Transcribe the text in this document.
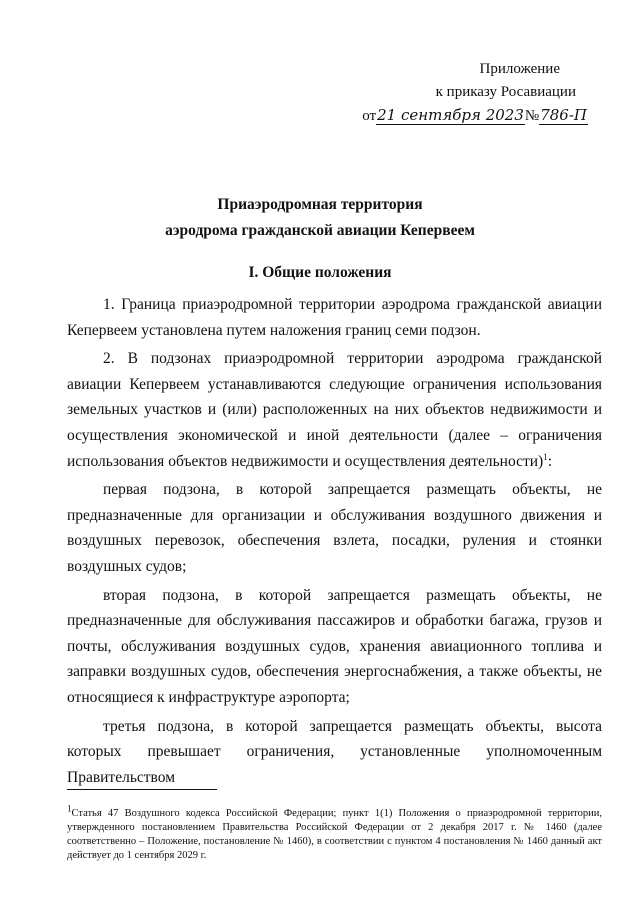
Приложение
к приказу Росавиации
от21 сентября 2023№786-П
Приаэродромная территория
аэродрома гражданской авиации Кепервеем
I. Общие положения

1. Граница приаэродромной территории аэродрома гражданской авиации Кепервеем установлена путем наложения границ семи подзон.

2. В подзонах приаэродромной территории аэродрома гражданской авиации Кепервеем устанавливаются следующие ограничения использования земельных участков и (или) расположенных на них объектов недвижимости и осуществления экономической и иной деятельности (далее – ограничения использования объектов недвижимости и осуществления деятельности)$^1$:

первая подзона, в которой запрещается размещать объекты, не предназначенные для организации и обслуживания воздушного движения и воздушных перевозок, обеспечения взлета, посадки, руления и стоянки воздушных судов;

вторая подзона, в которой запрещается размещать объекты, не предназначенные для обслуживания пассажиров и обработки багажа, грузов и почты, обслуживания воздушных судов, хранения авиационного топлива и заправки воздушных судов, обеспечения энергоснабжения, а также объекты, не относящиеся к инфраструктуре аэропорта;

третья подзона, в которой запрещается размещать объекты, высота которых превышает ограничения, установленные уполномоченным Правительством

$^1$Статья 47 Воздушного кодекса Российской Федерации; пункт 1(1) Положения о приаэродромной территории, утвержденного постановлением Правительства Российской Федерации от 2 декабря 2017 г. № 1460 (далее соответственно – Положение, постановление № 1460), в соответствии с пунктом 4 постановления № 1460 данный акт действует до 1 сентября 2029 г.
